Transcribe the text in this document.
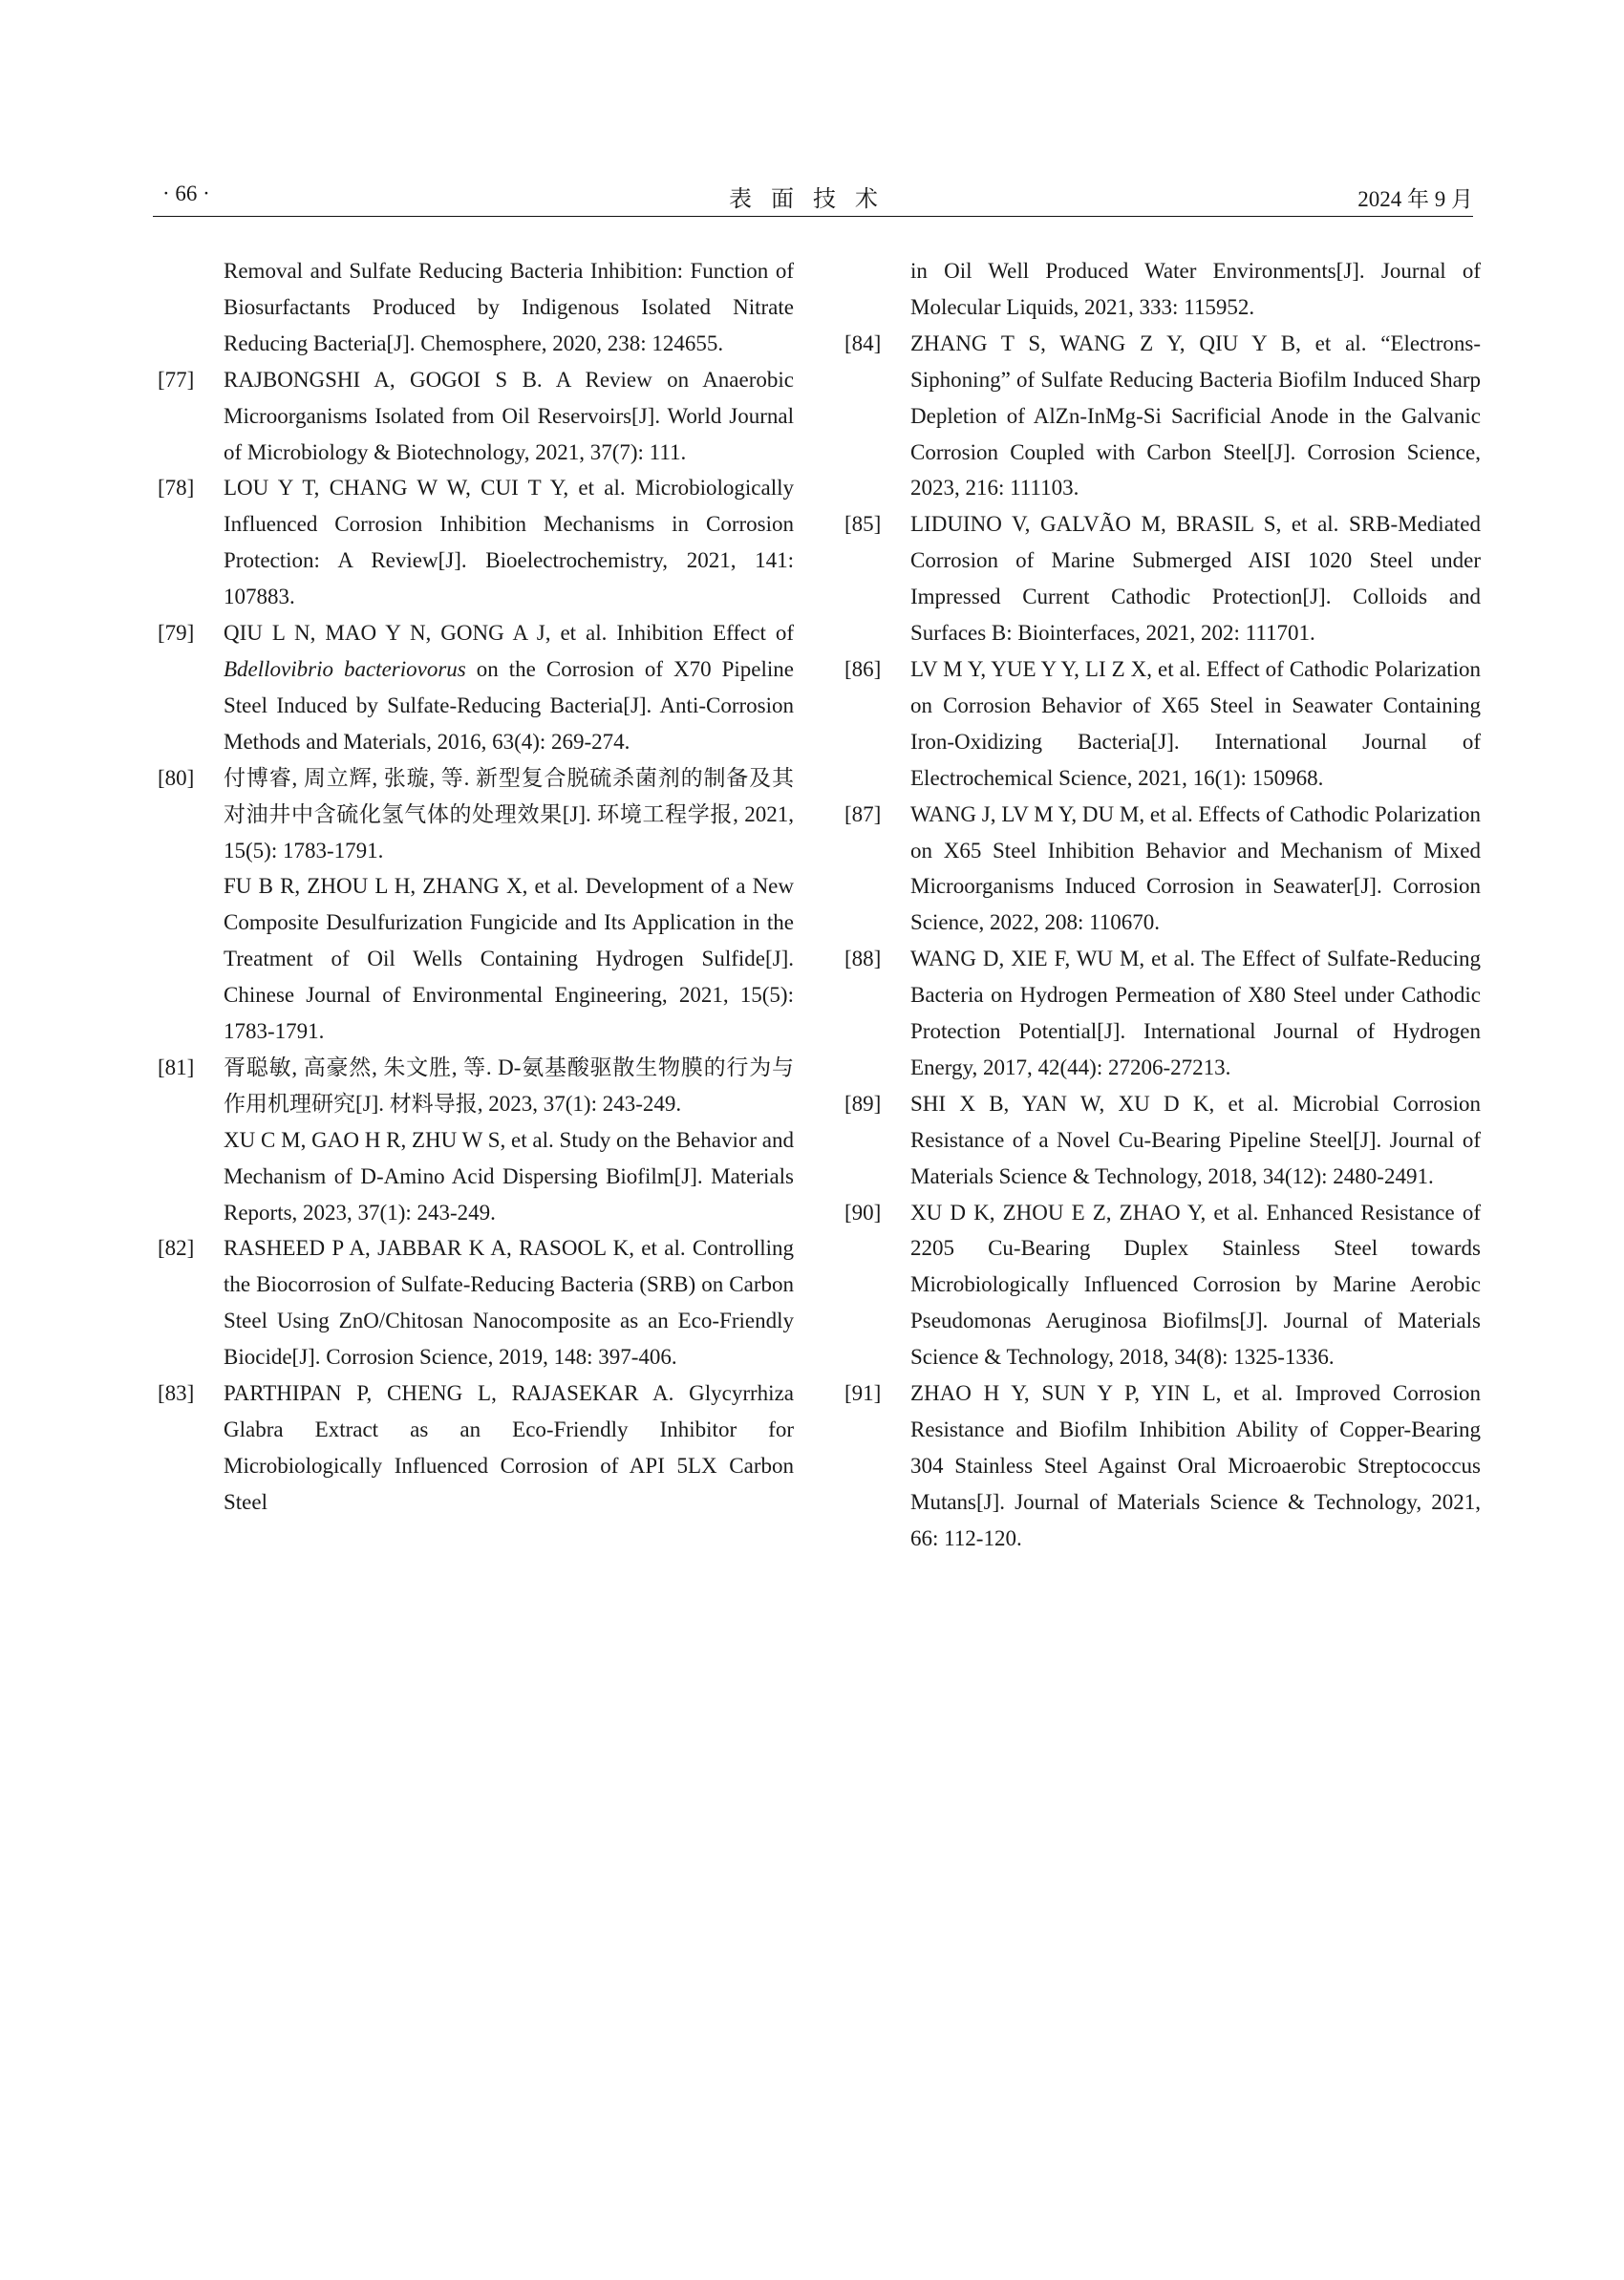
· 66 ·	表面技术	2024 年 9 月

Removal and Sulfate Reducing Bacteria Inhibition: Function of Biosurfactants Produced by Indigenous Isolated Nitrate Reducing Bacteria[J]. Chemosphere, 2020, 238: 124655.

[77] RAJBONGSHI A, GOGOI S B. A Review on Anaerobic Microorganisms Isolated from Oil Reservoirs[J]. World Journal of Microbiology & Biotechnology, 2021, 37(7): 111.

[78] LOU Y T, CHANG W W, CUI T Y, et al. Microbiologically Influenced Corrosion Inhibition Mechanisms in Corrosion Protection: A Review[J]. Bioelectrochemistry, 2021, 141: 107883.

[79] QIU L N, MAO Y N, GONG A J, et al. Inhibition Effect of Bdellovibrio bacteriovorus on the Corrosion of X70 Pipeline Steel Induced by Sulfate-Reducing Bacteria[J]. Anti-Corrosion Methods and Materials, 2016, 63(4): 269-274.

[80] 付博睿, 周立辉, 张璇, 等. 新型复合脱硫杀菌剂的制备及其对油井中含硫化氢气体的处理效果[J]. 环境工程学报, 2021, 15(5): 1783-1791.

FU B R, ZHOU L H, ZHANG X, et al. Development of a New Composite Desulfurization Fungicide and Its Application in the Treatment of Oil Wells Containing Hydrogen Sulfide[J]. Chinese Journal of Environmental Engineering, 2021, 15(5): 1783-1791.

[81] 胥聪敏, 高豪然, 朱文胜, 等. D-氨基酸驱散生物膜的行为与作用机理研究[J]. 材料导报, 2023, 37(1): 243-249.

XU C M, GAO H R, ZHU W S, et al. Study on the Behavior and Mechanism of D-Amino Acid Dispersing Biofilm[J]. Materials Reports, 2023, 37(1): 243-249.

[82] RASHEED P A, JABBAR K A, RASOOL K, et al. Controlling the Biocorrosion of Sulfate-Reducing Bacteria (SRB) on Carbon Steel Using ZnO/Chitosan Nanocomposite as an Eco-Friendly Biocide[J]. Corrosion Science, 2019, 148: 397-406.

[83] PARTHIPAN P, CHENG L, RAJASEKAR A. Glycyrrhiza Glabra Extract as an Eco-Friendly Inhibitor for Microbiologically Influenced Corrosion of API 5LX Carbon Steel

in Oil Well Produced Water Environments[J]. Journal of Molecular Liquids, 2021, 333: 115952.

[84] ZHANG T S, WANG Z Y, QIU Y B, et al. “Electrons-Siphoning” of Sulfate Reducing Bacteria Biofilm Induced Sharp Depletion of AlZn-InMg-Si Sacrificial Anode in the Galvanic Corrosion Coupled with Carbon Steel[J]. Corrosion Science, 2023, 216: 111103.

[85] LIDUINO V, GALVÃO M, BRASIL S, et al. SRB-Mediated Corrosion of Marine Submerged AISI 1020 Steel under Impressed Current Cathodic Protection[J]. Colloids and Surfaces B: Biointerfaces, 2021, 202: 111701.

[86] LV M Y, YUE Y Y, LI Z X, et al. Effect of Cathodic Polarization on Corrosion Behavior of X65 Steel in Seawater Containing Iron-Oxidizing Bacteria[J]. International Journal of Electrochemical Science, 2021, 16(1): 150968.

[87] WANG J, LV M Y, DU M, et al. Effects of Cathodic Polarization on X65 Steel Inhibition Behavior and Mechanism of Mixed Microorganisms Induced Corrosion in Seawater[J]. Corrosion Science, 2022, 208: 110670.

[88] WANG D, XIE F, WU M, et al. The Effect of Sulfate-Reducing Bacteria on Hydrogen Permeation of X80 Steel under Cathodic Protection Potential[J]. International Journal of Hydrogen Energy, 2017, 42(44): 27206-27213.

[89] SHI X B, YAN W, XU D K, et al. Microbial Corrosion Resistance of a Novel Cu-Bearing Pipeline Steel[J]. Journal of Materials Science & Technology, 2018, 34(12): 2480-2491.

[90] XU D K, ZHOU E Z, ZHAO Y, et al. Enhanced Resistance of 2205 Cu-Bearing Duplex Stainless Steel towards Microbiologically Influenced Corrosion by Marine Aerobic Pseudomonas Aeruginosa Biofilms[J]. Journal of Materials Science & Technology, 2018, 34(8): 1325-1336.

[91] ZHAO H Y, SUN Y P, YIN L, et al. Improved Corrosion Resistance and Biofilm Inhibition Ability of Copper-Bearing 304 Stainless Steel Against Oral Microaerobic Streptococcus Mutans[J]. Journal of Materials Science & Technology, 2021, 66: 112-120.
